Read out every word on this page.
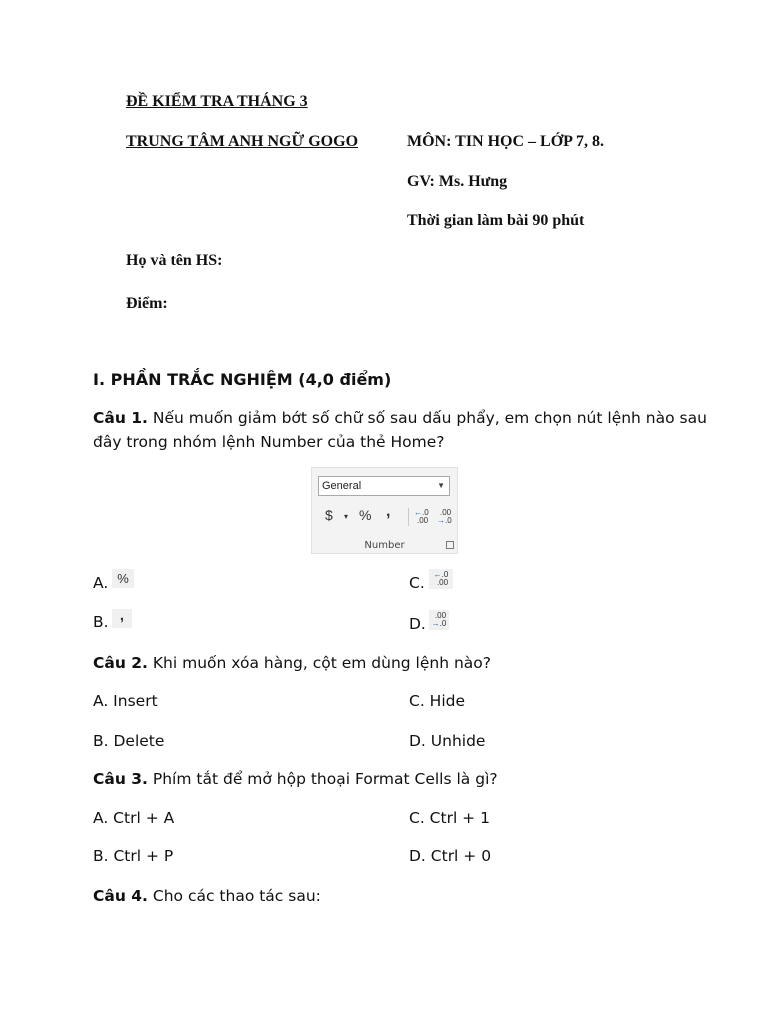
ĐỀ KIỂM TRA THÁNG 3
TRUNG TÂM ANH NGỮ GOGO	MÔN: TIN HỌC – LỚP 7, 8.
GV: Ms. Hưng
Thời gian làm bài 90 phút
Họ và tên HS:
Điểm:
I. PHẦN TRẮC NGHIỆM (4,0 điểm)
Câu 1. Nếu muốn giảm bớt số chữ số sau dấu phẩy, em chọn nút lệnh nào sau
đây trong nhóm lệnh Number của thẻ Home?
General	▼
$ ▾ % ,	←.0
.00
.00
→.0
Number
A. %
B. ,
C.	←.0
.00
D.	.00
→.0
Câu 2. Khi muốn xóa hàng, cột em dùng lệnh nào?
A. Insert
B. Delete
C. Hide
D. Unhide
Câu 3. Phím tắt để mở hộp thoại Format Cells là gì?
A. Ctrl + A
B. Ctrl + P
C. Ctrl + 1
D. Ctrl + 0
Câu 4. Cho các thao tác sau:
